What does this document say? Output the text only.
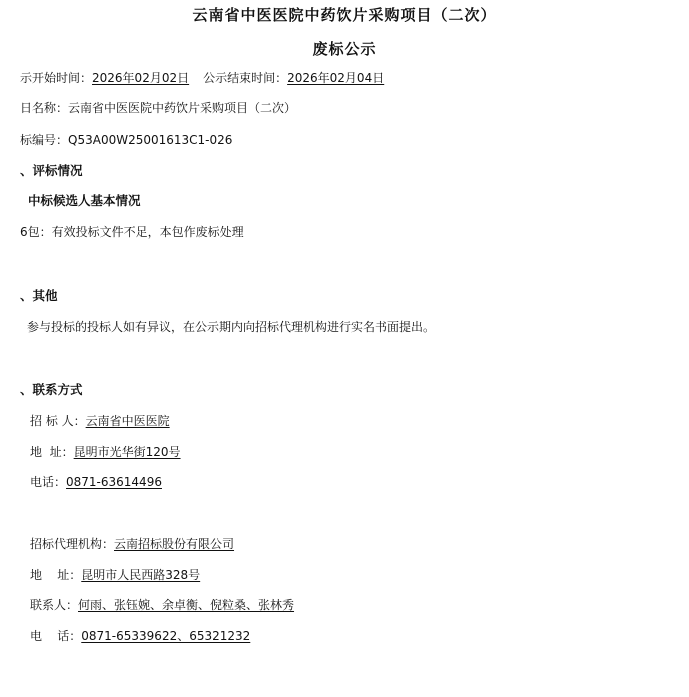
云南省中医医院中药饮片采购项目（二次）
废标公示
示开始时间：2026年02月02日 公示结束时间：2026年02月04日
日名称：云南省中医医院中药饮片采购项目（二次）
标编号：Q53A00W25001613C1-026
、评标情况
中标候选人基本情况
6包：有效投标文件不足，本包作废标处理
、其他
参与投标的投标人如有异议，在公示期内向招标代理机构进行实名书面提出。
、联系方式
招 标 人：云南省中医医院
地  址：昆明市光华街120号
电话：0871-63614496
招标代理机构：云南招标股份有限公司
地    址：昆明市人民西路328号
联系人：何雨、张钰婉、余卓衡、倪粒桑、张林秀
电    话：0871-65339622、65321232
